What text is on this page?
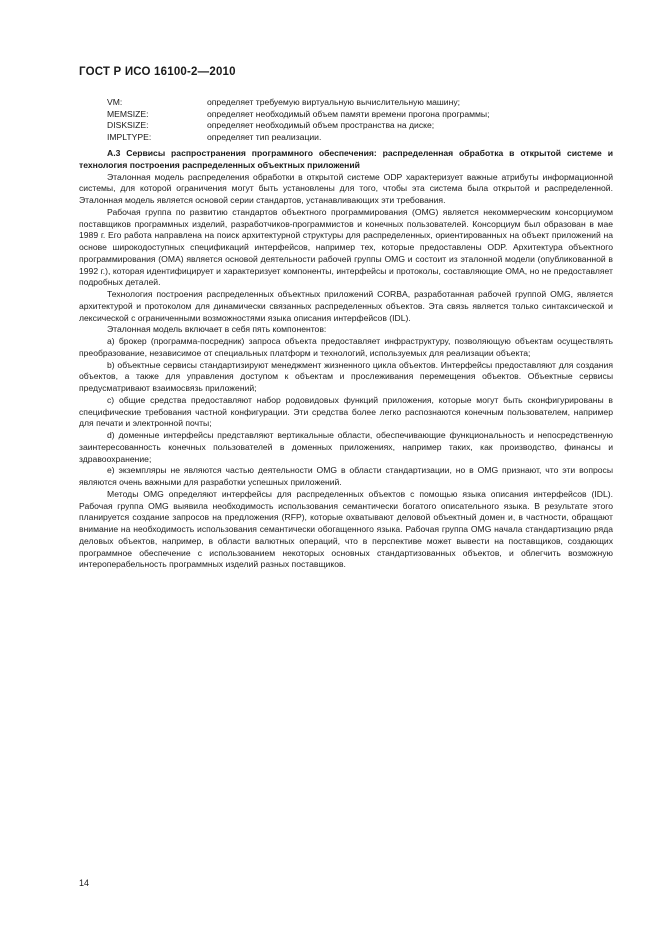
ГОСТ Р ИСО 16100-2—2010
VM:	определяет требуемую виртуальную вычислительную машину;
MEMSIZE:	определяет необходимый объем памяти времени прогона программы;
DISKSIZE:	определяет необходимый объем пространства на диске;
IMPLTYPE:	определяет тип реализации.

А.3 Сервисы распространения программного обеспечения: распределенная обработка в открытой системе и технология построения распределенных объектных приложений

Эталонная модель распределения обработки в открытой системе ODP характеризует важные атрибуты информационной системы, для которой ограничения могут быть установлены для того, чтобы эта система была открытой и распределенной. Эталонная модель является основой серии стандартов, устанавливающих эти требования.

Рабочая группа по развитию стандартов объектного программирования (OMG) является некоммерческим консорциумом поставщиков программных изделий, разработчиков-программистов и конечных пользователей. Консорциум был образован в мае 1989 г. Его работа направлена на поиск архитектурной структуры для распределенных, ориентированных на объект приложений на основе широкодоступных спецификаций интерфейсов, например тех, которые предоставлены ODP. Архитектура объектного программирования (OMA) является основой деятельности рабочей группы OMG и состоит из эталонной модели (опубликованной в 1992 г.), которая идентифицирует и характеризует компоненты, интерфейсы и протоколы, составляющие OMA, но не предоставляет подробных деталей.

Технология построения распределенных объектных приложений CORBA, разработанная рабочей группой OMG, является архитектурой и протоколом для динамически связанных распределенных объектов. Эта связь является только синтаксической и лексической с ограниченными возможностями языка описания интерфейсов (IDL).

Эталонная модель включает в себя пять компонентов:

a) брокер (программа-посредник) запроса объекта предоставляет инфраструктуру, позволяющую объектам осуществлять преобразование, независимое от специальных платформ и технологий, используемых для реализации объекта;

b) объектные сервисы стандартизируют менеджмент жизненного цикла объектов. Интерфейсы предоставляют для создания объектов, а также для управления доступом к объектам и прослеживания перемещения объектов. Объектные сервисы предусматривают взаимосвязь приложений;

c) общие средства предоставляют набор родовидовых функций приложения, которые могут быть сконфигурированы в специфические требования частной конфигурации. Эти средства более легко распознаются конечным пользователем, например для печати и электронной почты;

d) доменные интерфейсы представляют вертикальные области, обеспечивающие функциональность и непосредственную заинтересованность конечных пользователей в доменных приложениях, например таких, как производство, финансы и здравоохранение;

e) экземпляры не являются частью деятельности OMG в области стандартизации, но в OMG признают, что эти вопросы являются очень важными для разработки успешных приложений.

Методы OMG определяют интерфейсы для распределенных объектов с помощью языка описания интерфейсов (IDL). Рабочая группа OMG выявила необходимость использования семантически богатого описательного языка. В результате этого планируется создание запросов на предложения (RFP), которые охватывают деловой объектный домен и, в частности, обращают внимание на необходимость использования семантически обогащенного языка. Рабочая группа OMG начала стандартизацию ряда деловых объектов, например, в области валютных операций, что в перспективе может вывести на поставщиков, создающих программное обеспечение с использованием некоторых основных стандартизованных объектов, и облегчить возможную интероперабельность программных изделий разных поставщиков.

14
